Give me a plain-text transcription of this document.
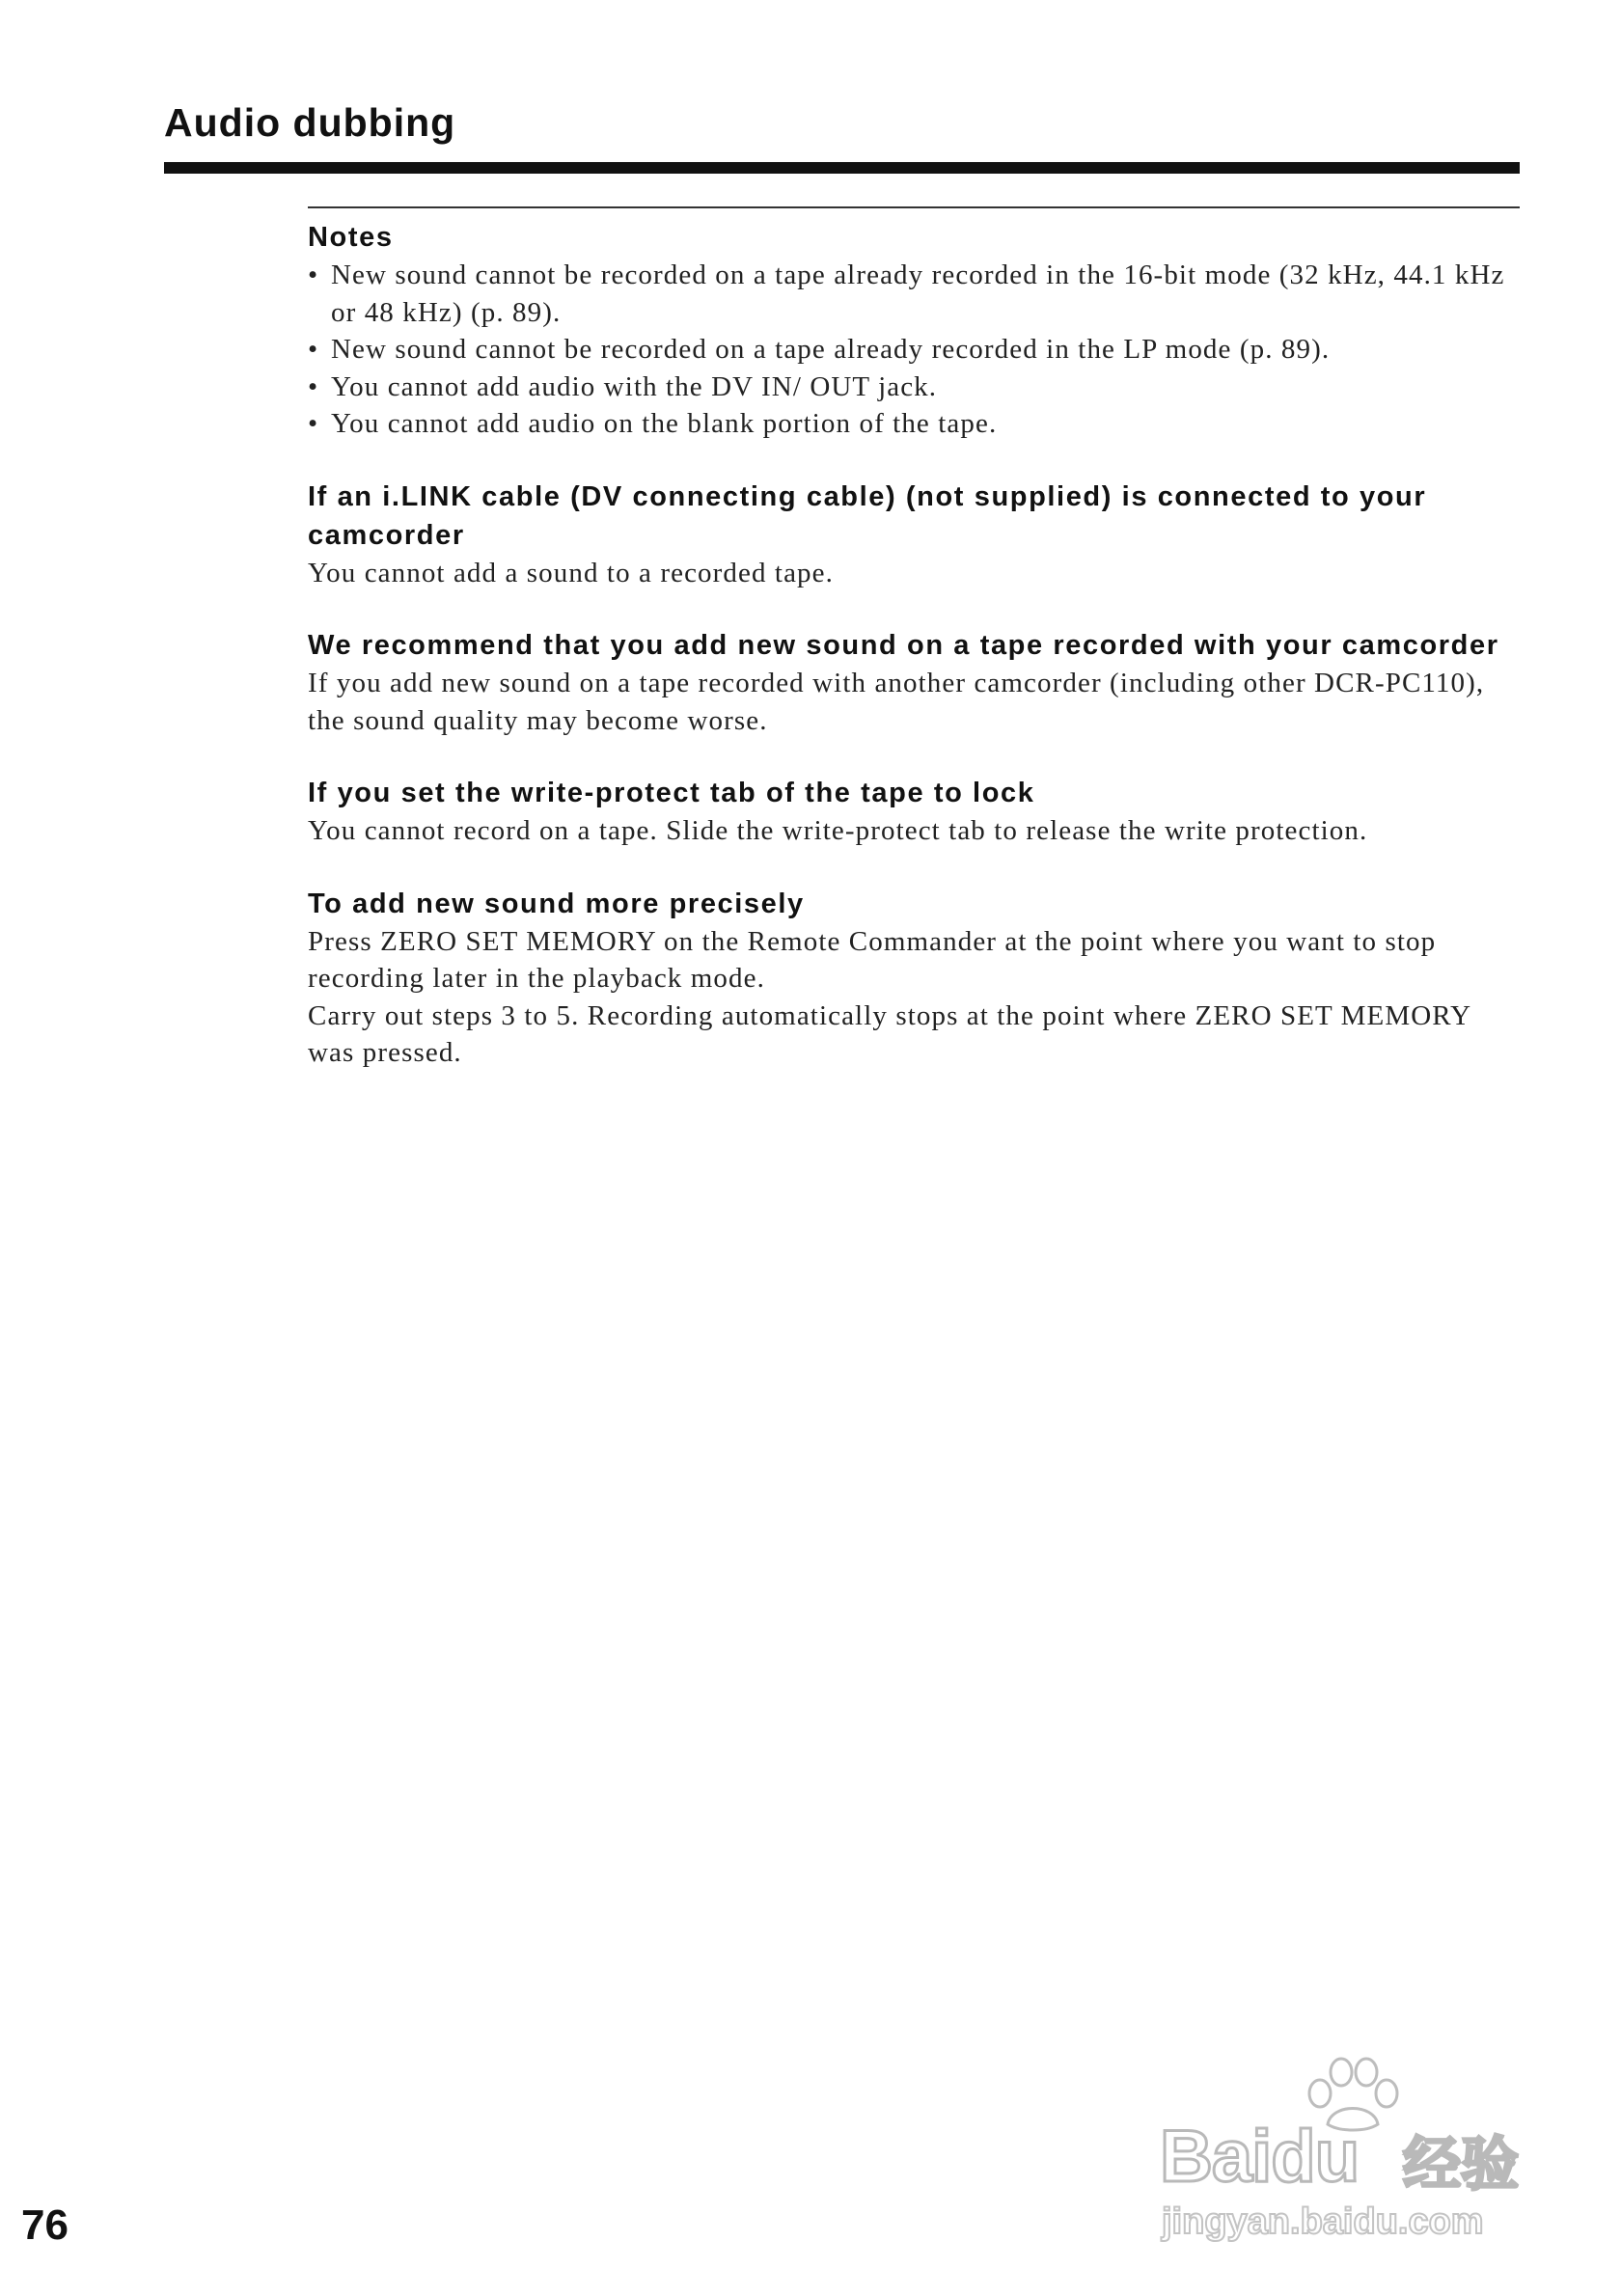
Audio dubbing

Notes

• New sound cannot be recorded on a tape already recorded in the 16-bit mode (32 kHz, 44.1 kHz or 48 kHz) (p. 89).
• New sound cannot be recorded on a tape already recorded in the LP mode (p. 89).
• You cannot add audio with the DV IN/ OUT jack.
• You cannot add audio on the blank portion of the tape.

If an i.LINK cable (DV connecting cable) (not supplied) is connected to your camcorder

You cannot add a sound to a recorded tape.

We recommend that you add new sound on a tape recorded with your camcorder

If you add new sound on a tape recorded with another camcorder (including other DCR-PC110), the sound quality may become worse.

If you set the write-protect tab of the tape to lock

You cannot record on a tape. Slide the write-protect tab to release the write protection.

To add new sound more precisely

Press ZERO SET MEMORY on the Remote Commander at the point where you want to stop recording later in the playback mode.

Carry out steps 3 to 5. Recording automatically stops at the point where ZERO SET MEMORY was pressed.

76
Baidu 经验
jingyan.baidu.com
